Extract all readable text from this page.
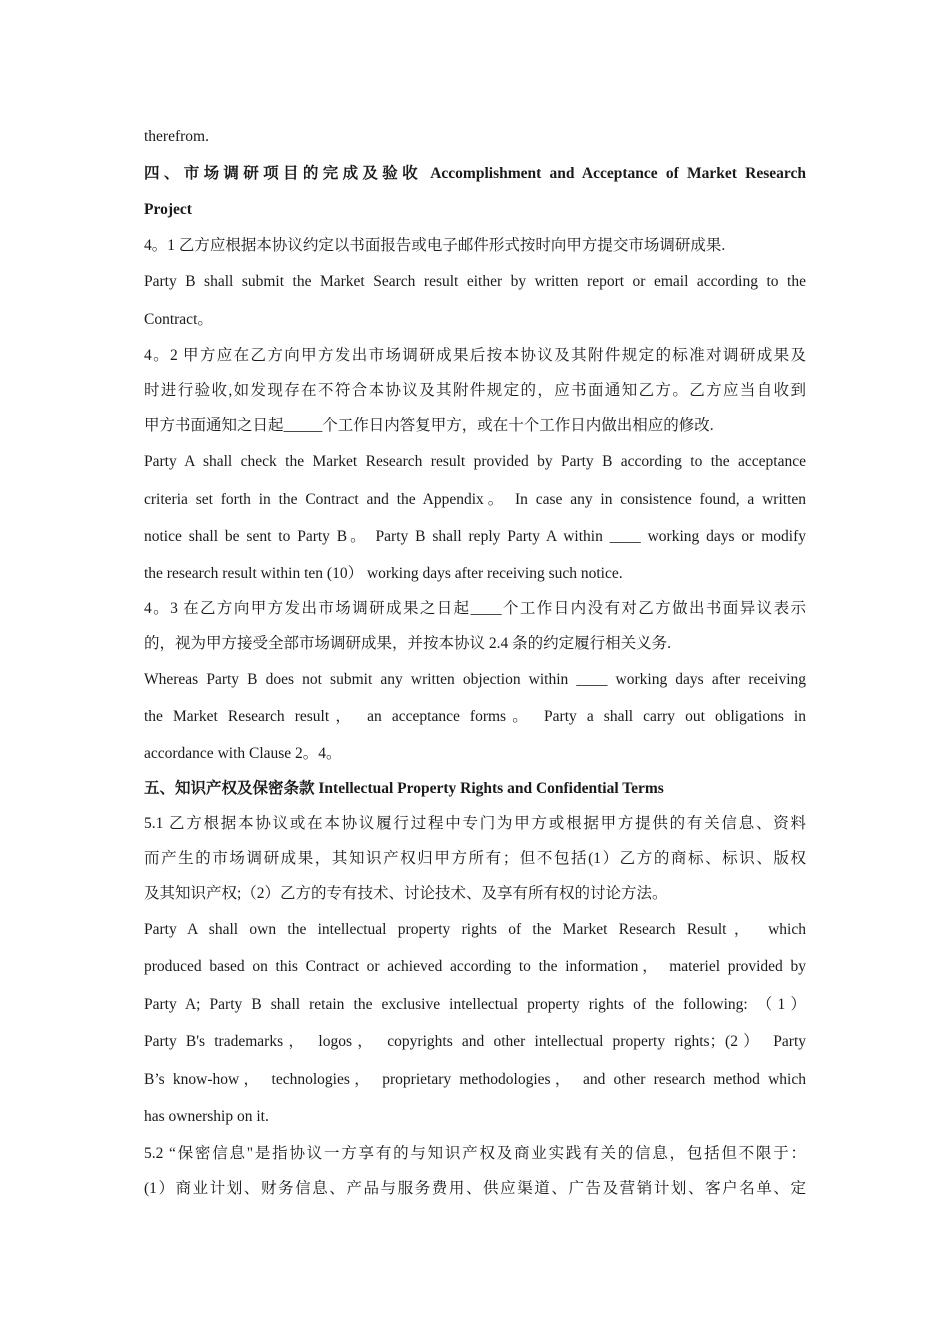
therefrom.

四、市场调研项目的完成及验收 Accomplishment and Acceptance of Market Research

Project

4。1 乙方应根据本协议约定以书面报告或电子邮件形式按时向甲方提交市场调研成果.

Party B shall submit the Market Search result either by written report or email according to the

Contract。

4。2 甲方应在乙方向甲方发出市场调研成果后按本协议及其附件规定的标准对调研成果及

时进行验收,如发现存在不符合本协议及其附件规定的，应书面通知乙方。乙方应当自收到

甲方书面通知之日起_____个工作日内答复甲方，或在十个工作日内做出相应的修改.

Party A shall check the Market Research result provided by Party B according to the acceptance

criteria set forth in the Contract and the Appendix。 In case any in consistence found, a written

notice shall be sent to Party B。 Party B shall reply Party A within ____ working days or modify

the research result within ten (10） working days after receiving such notice.

4。3 在乙方向甲方发出市场调研成果之日起____个工作日内没有对乙方做出书面异议表示

的，视为甲方接受全部市场调研成果，并按本协议 2.4 条的约定履行相关义务.

Whereas Party B does not submit any written objection within ____ working days after receiving

the Market Research result， an acceptance forms。 Party a shall carry out obligations in

accordance with Clause 2。4。

五、知识产权及保密条款 Intellectual Property Rights and Confidential Terms

5.1 乙方根据本协议或在本协议履行过程中专门为甲方或根据甲方提供的有关信息、资料

而产生的市场调研成果，其知识产权归甲方所有；但不包括(1）乙方的商标、标识、版权

及其知识产权;（2）乙方的专有技术、讨论技术、及享有所有权的讨论方法。

Party A shall own the intellectual property rights of the Market Research Result， which

produced based on this Contract or achieved according to the information， materiel provided by

Party A; Party B shall retain the exclusive intellectual property rights of the following: （1）

Party B's trademarks， logos， copyrights and other intellectual property rights；(2） Party

B’s know-how， technologies， proprietary methodologies， and other research method which

has ownership on it.

5.2 “保密信息"是指协议一方享有的与知识产权及商业实践有关的信息，包括但不限于：

(1）商业计划、财务信息、产品与服务费用、供应渠道、广告及营销计划、客户名单、定
